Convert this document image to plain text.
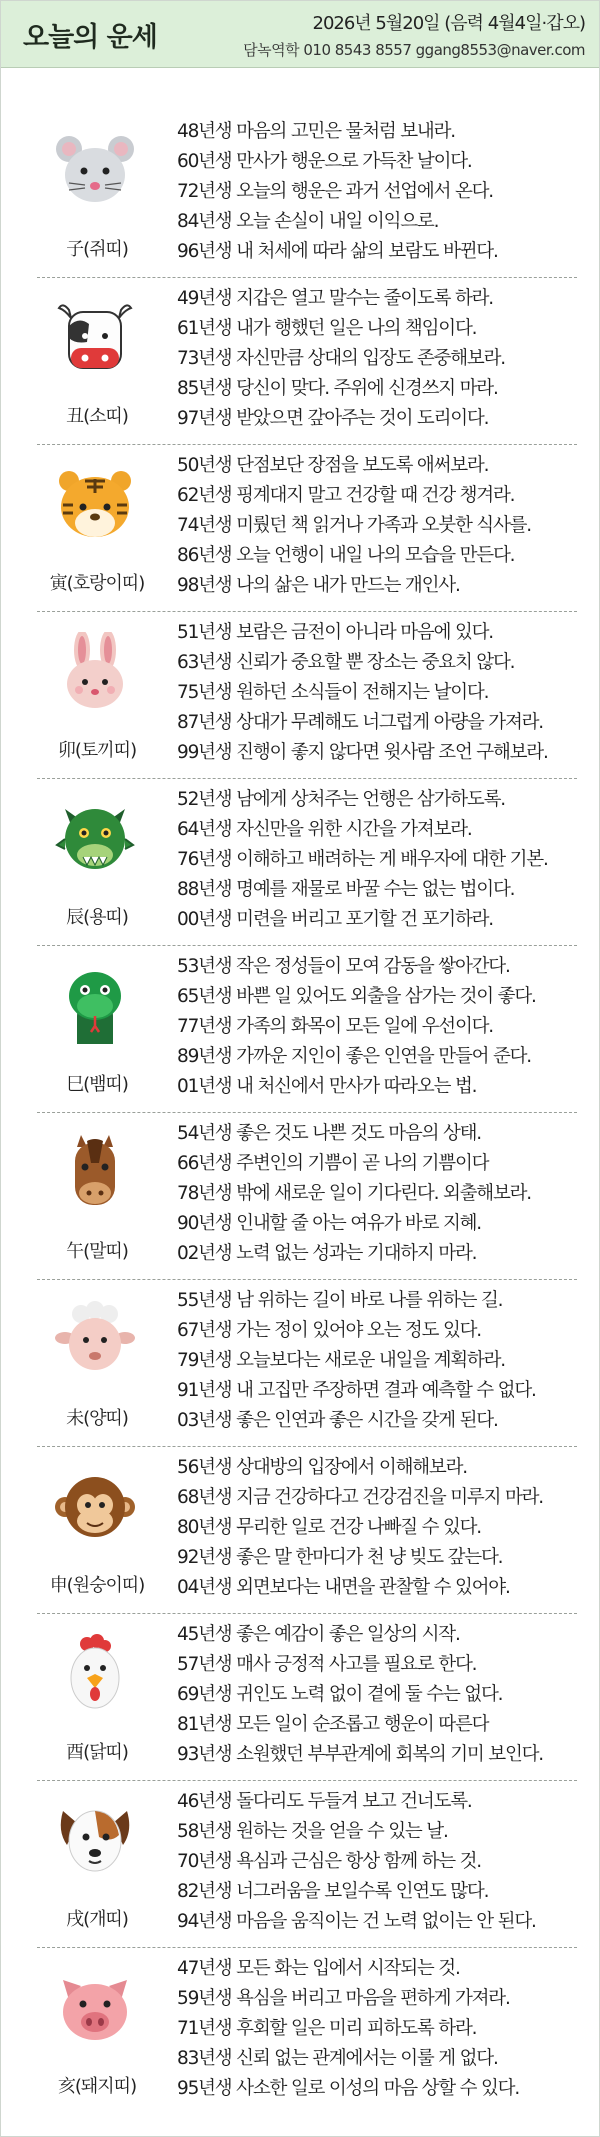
오늘의 운세	2026년 5월20일 (음력 4월4일·갑오)
담녹역학 010 8543 8557 ggang8553@naver.com
子(쥐띠)
48년생 마음의 고민은 물처럼 보내라.
60년생 만사가 행운으로 가득찬 날이다.
72년생 오늘의 행운은 과거 선업에서 온다.
84년생 오늘 손실이 내일 이익으로.
96년생 내 처세에 따라 삶의 보람도 바뀐다.
丑(소띠)
49년생 지갑은 열고 말수는 줄이도록 하라.
61년생 내가 행했던 일은 나의 책임이다.
73년생 자신만큼 상대의 입장도 존중해보라.
85년생 당신이 맞다. 주위에 신경쓰지 마라.
97년생 받았으면 갚아주는 것이 도리이다.
寅(호랑이띠)
50년생 단점보단 장점을 보도록 애써보라.
62년생 핑계대지 말고 건강할 때 건강 챙겨라.
74년생 미뤘던 책 읽거나 가족과 오붓한 식사를.
86년생 오늘 언행이 내일 나의 모습을 만든다.
98년생 나의 삶은 내가 만드는 개인사.
卯(토끼띠)
51년생 보람은 금전이 아니라 마음에 있다.
63년생 신뢰가 중요할 뿐 장소는 중요치 않다.
75년생 원하던 소식들이 전해지는 날이다.
87년생 상대가 무례해도 너그럽게 아량을 가져라.
99년생 진행이 좋지 않다면 윗사람 조언 구해보라.
辰(용띠)
52년생 남에게 상처주는 언행은 삼가하도록.
64년생 자신만을 위한 시간을 가져보라.
76년생 이해하고 배려하는 게 배우자에 대한 기본.
88년생 명예를 재물로 바꿀 수는 없는 법이다.
00년생 미련을 버리고 포기할 건 포기하라.
巳(뱀띠)
53년생 작은 정성들이 모여 감동을 쌓아간다.
65년생 바쁜 일 있어도 외출을 삼가는 것이 좋다.
77년생 가족의 화목이 모든 일에 우선이다.
89년생 가까운 지인이 좋은 인연을 만들어 준다.
01년생 내 처신에서 만사가 따라오는 법.
午(말띠)
54년생 좋은 것도 나쁜 것도 마음의 상태.
66년생 주변인의 기쁨이 곧 나의 기쁨이다
78년생 밖에 새로운 일이 기다린다. 외출해보라.
90년생 인내할 줄 아는 여유가 바로 지혜.
02년생 노력 없는 성과는 기대하지 마라.
未(양띠)
55년생 남 위하는 길이 바로 나를 위하는 길.
67년생 가는 정이 있어야 오는 정도 있다.
79년생 오늘보다는 새로운 내일을 계획하라.
91년생 내 고집만 주장하면 결과 예측할 수 없다.
03년생 좋은 인연과 좋은 시간을 갖게 된다.
申(원숭이띠)
56년생 상대방의 입장에서 이해해보라.
68년생 지금 건강하다고 건강검진을 미루지 마라.
80년생 무리한 일로 건강 나빠질 수 있다.
92년생 좋은 말 한마디가 천 냥 빚도 갚는다.
04년생 외면보다는 내면을 관찰할 수 있어야.
酉(닭띠)
45년생 좋은 예감이 좋은 일상의 시작.
57년생 매사 긍정적 사고를 필요로 한다.
69년생 귀인도 노력 없이 곁에 둘 수는 없다.
81년생 모든 일이 순조롭고 행운이 따른다
93년생 소원했던 부부관계에 회복의 기미 보인다.
戌(개띠)
46년생 돌다리도 두들겨 보고 건너도록.
58년생 원하는 것을 얻을 수 있는 날.
70년생 욕심과 근심은 항상 함께 하는 것.
82년생 너그러움을 보일수록 인연도 많다.
94년생 마음을 움직이는 건 노력 없이는 안 된다.
亥(돼지띠)
47년생 모든 화는 입에서 시작되는 것.
59년생 욕심을 버리고 마음을 편하게 가져라.
71년생 후회할 일은 미리 피하도록 하라.
83년생 신뢰 없는 관계에서는 이룰 게 없다.
95년생 사소한 일로 이성의 마음 상할 수 있다.
